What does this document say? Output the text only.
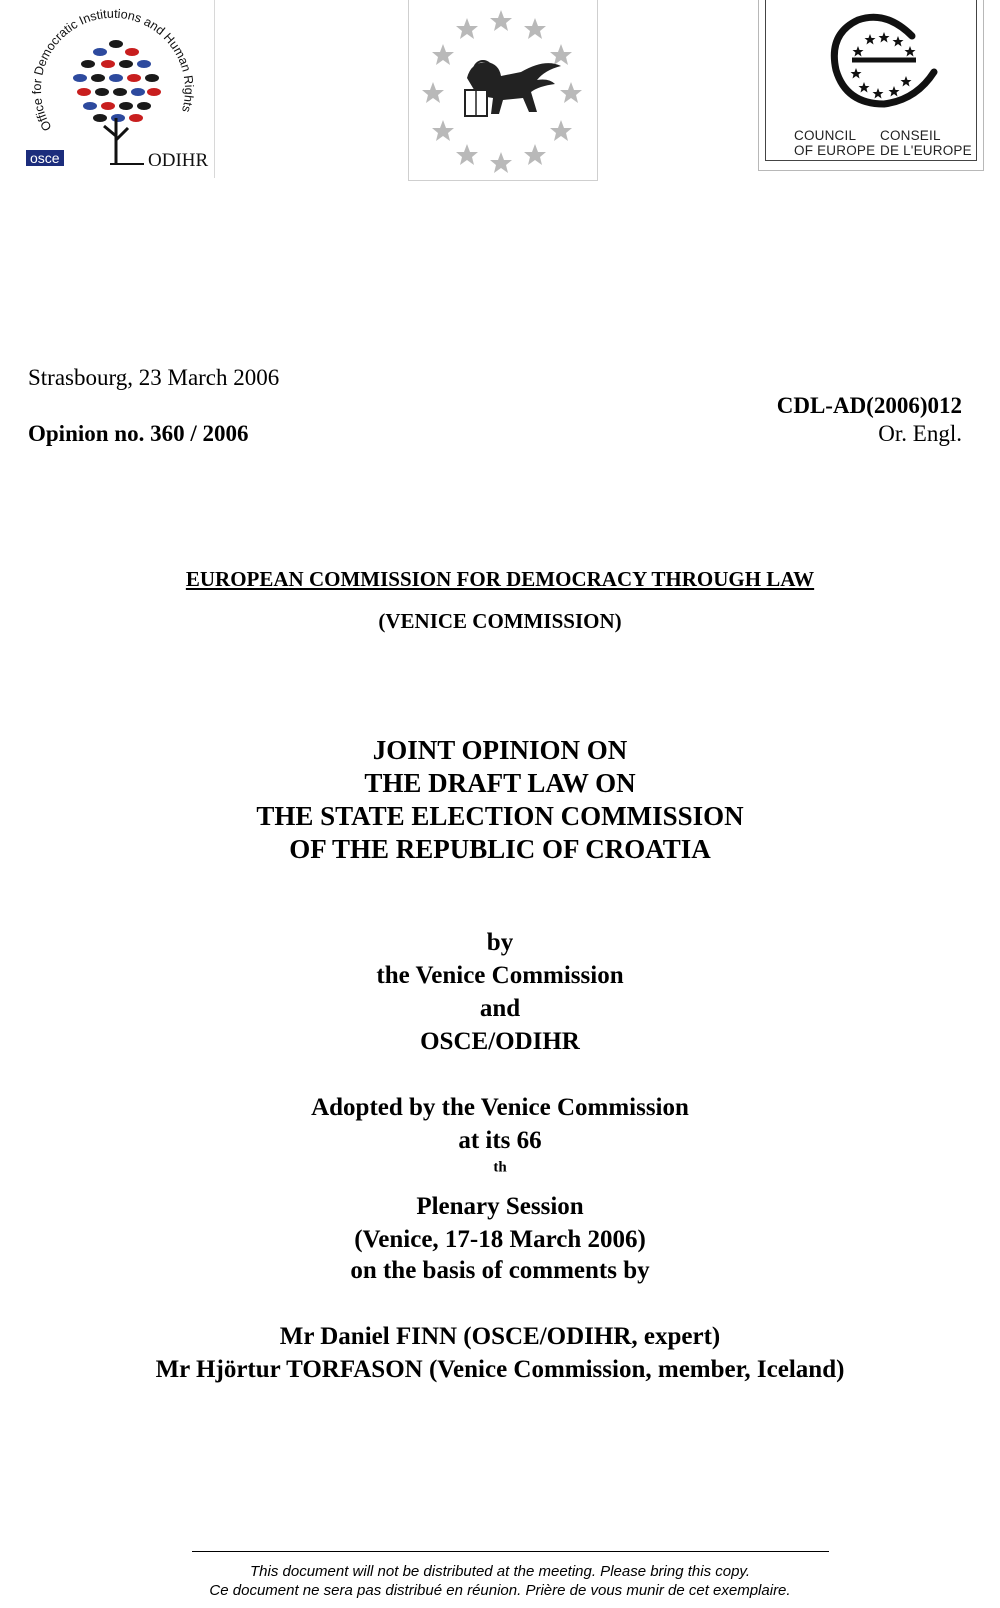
Office for Democratic Institutions and Human Rights
osce	ODIHR
COUNCIL
OF EUROPE
CONSEIL
DE L'EUROPE
Strasbourg, 23 March 2006
CDL-AD(2006)012
Opinion no. 360 / 2006	Or. Engl.
EUROPEAN COMMISSION FOR DEMOCRACY THROUGH LAW
(VENICE COMMISSION)
JOINT OPINION ON
THE DRAFT LAW ON
THE STATE ELECTION COMMISSION
OF THE REPUBLIC OF CROATIA
by
the Venice Commission
and
OSCE/ODIHR
Adopted by the Venice Commission
at its 66
$^{th}$
Plenary Session
(Venice, 17-18 March 2006)
on the basis of comments by
Mr Daniel FINN (OSCE/ODIHR, expert)
Mr Hjörtur TORFASON (Venice Commission, member, Iceland)
This document will not be distributed at the meeting. Please bring this copy.
Ce document ne sera pas distribué en réunion. Prière de vous munir de cet exemplaire.
